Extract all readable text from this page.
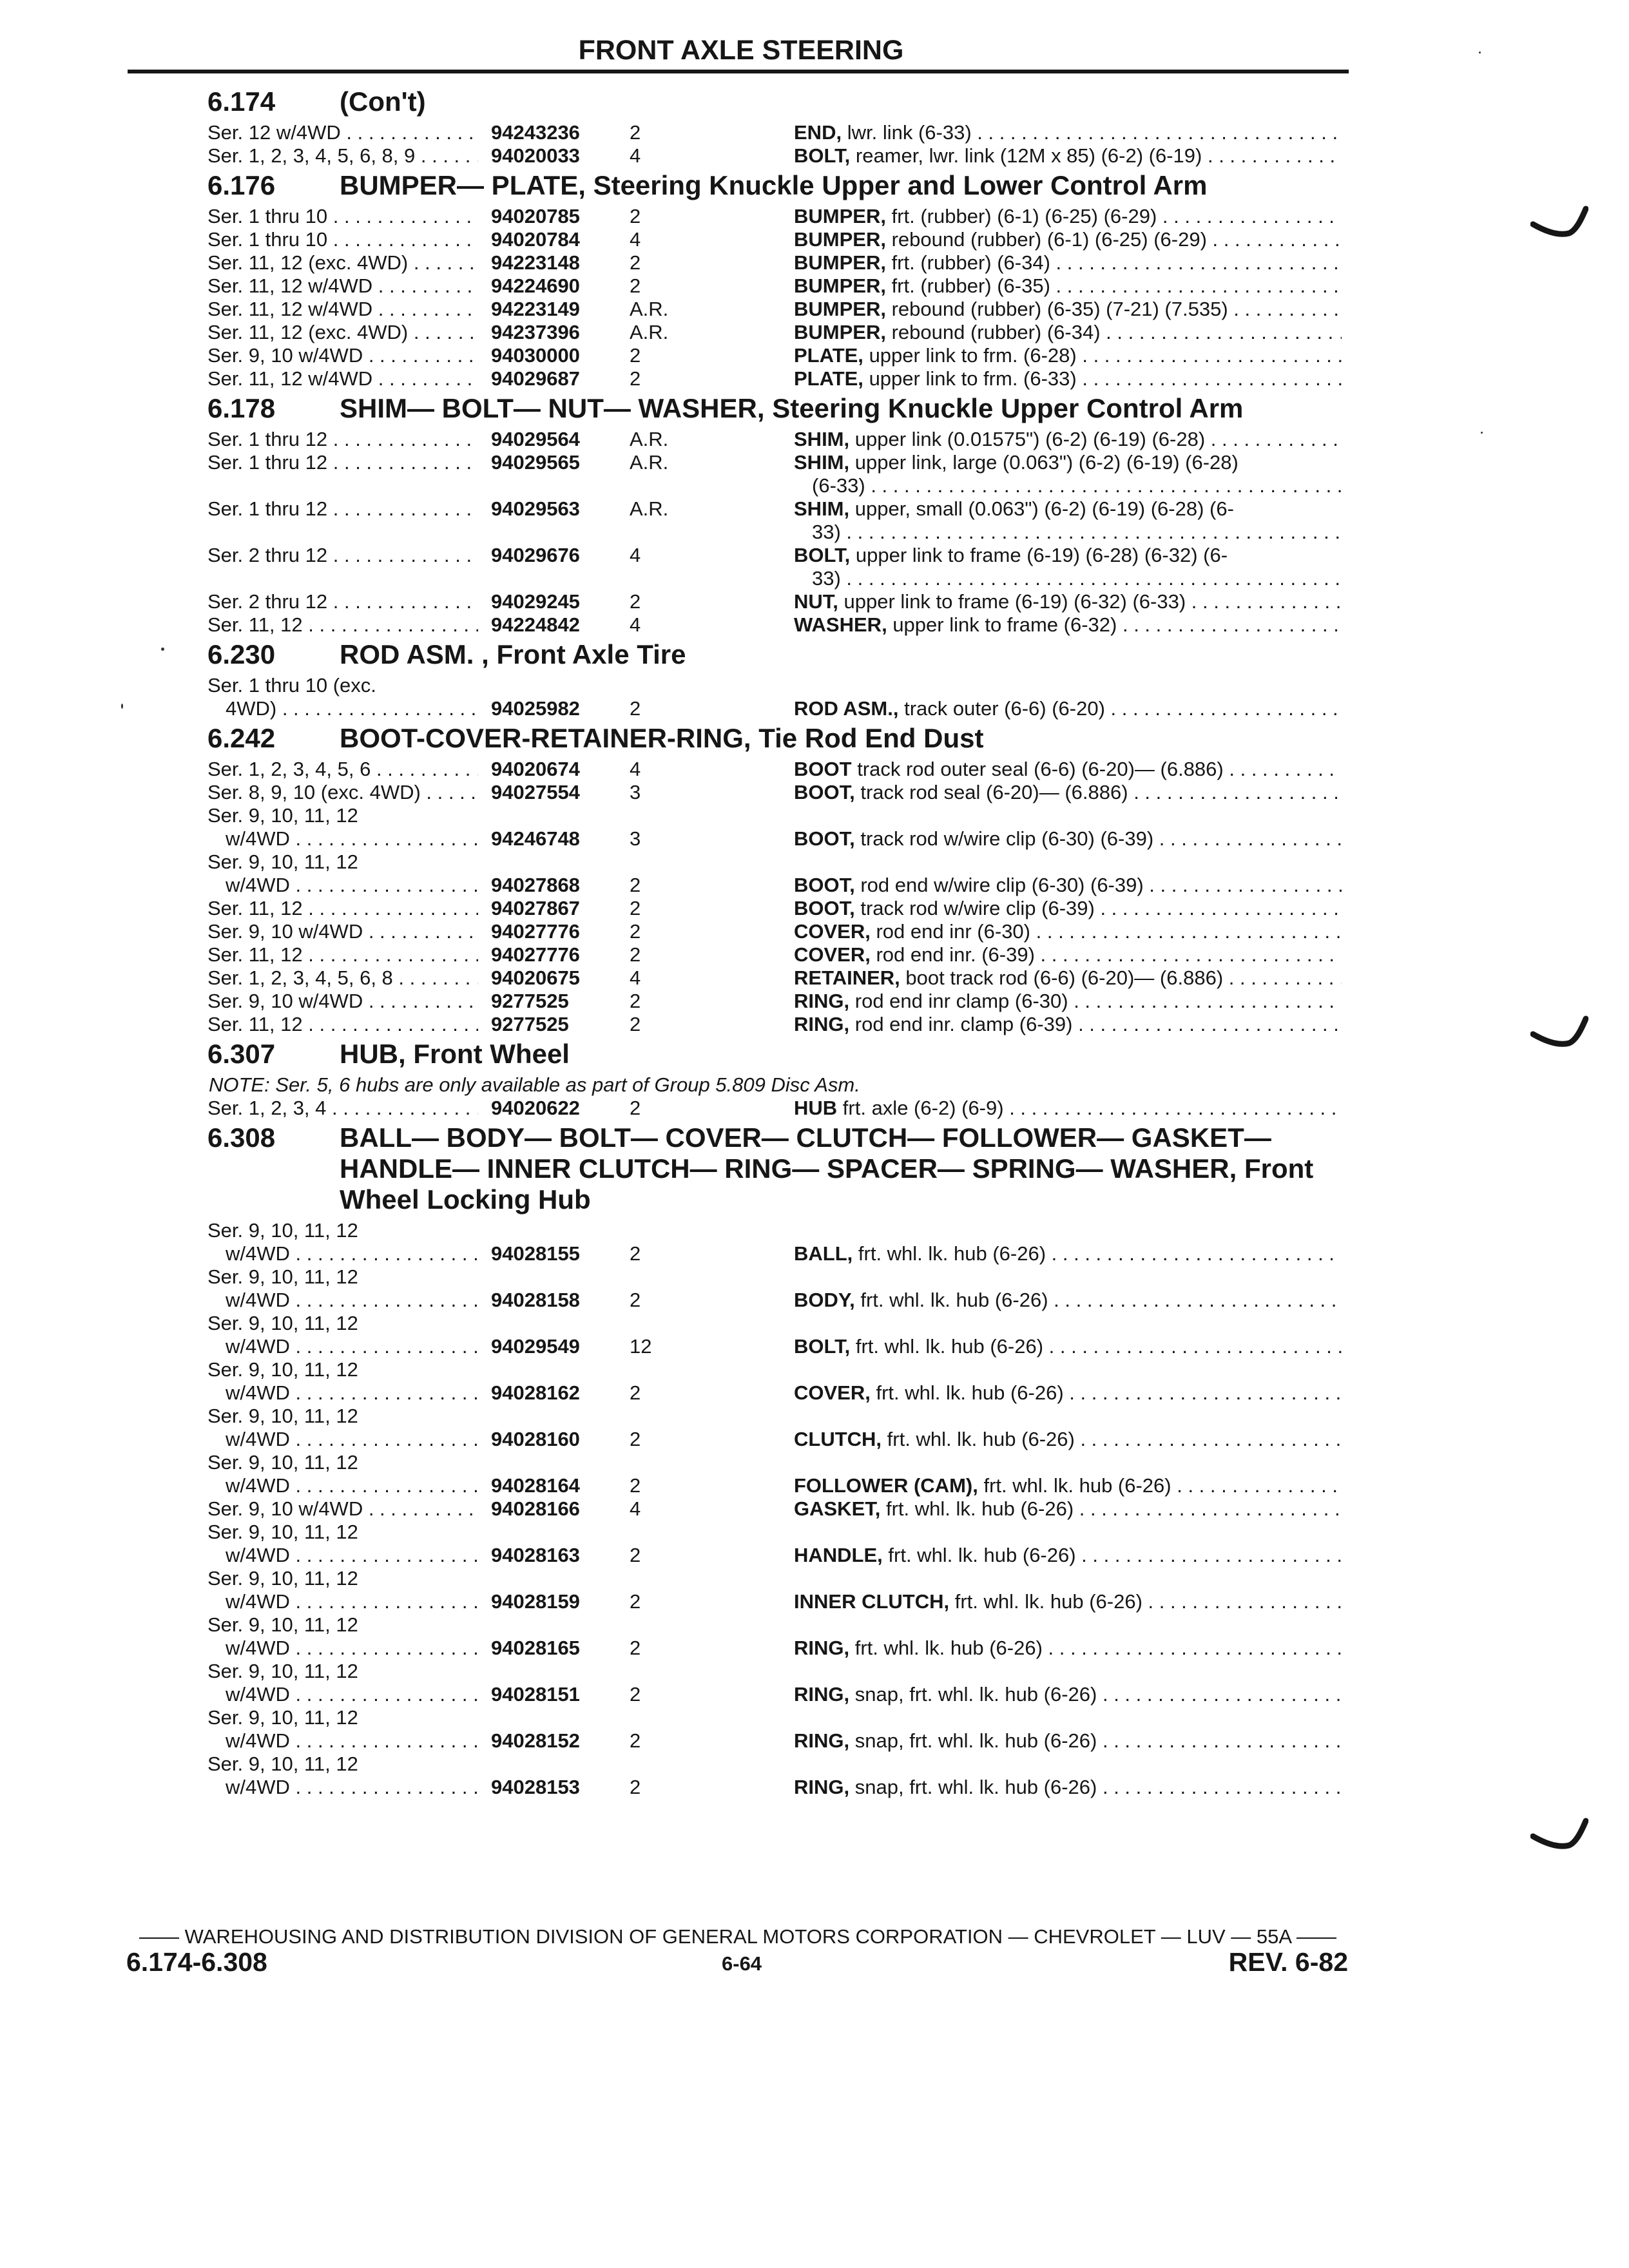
FRONT AXLE STEERING
6.174	(Con't)
Ser. 12 w/4WD . . .	94243236	2	END, lwr. link (6-33) . . .
Ser. 1, 2, 3, 4, 5, 6, 8, 9 . . .	94020033	4	BOLT, reamer, lwr. link (12M x 85) (6-2) (6-19) . . .
6.176	BUMPER— PLATE, Steering Knuckle Upper and Lower Control Arm
Ser. 1 thru 10 . . .	94020785	2	BUMPER, frt. (rubber) (6-1) (6-25) (6-29) . . .
Ser. 1 thru 10 . . .	94020784	4	BUMPER, rebound (rubber) (6-1) (6-25) (6-29) . . .
Ser. 11, 12 (exc. 4WD) . . .	94223148	2	BUMPER, frt. (rubber) (6-34) . . .
Ser. 11, 12 w/4WD . . .	94224690	2	BUMPER, frt. (rubber) (6-35) . . .
Ser. 11, 12 w/4WD . . .	94223149	A.R.	BUMPER, rebound (rubber) (6-35) (7-21) (7.535) . . .
Ser. 11, 12 (exc. 4WD) . . .	94237396	A.R.	BUMPER, rebound (rubber) (6-34) . . .
Ser. 9, 10 w/4WD . . .	94030000	2	PLATE, upper link to frm. (6-28) . . .
Ser. 11, 12 w/4WD . . .	94029687	2	PLATE, upper link to frm. (6-33) . . .
6.178	SHIM— BOLT— NUT— WASHER, Steering Knuckle Upper Control Arm
Ser. 1 thru 12 . . .	94029564	A.R.	SHIM, upper link (0.01575") (6-2) (6-19) (6-28) . . .
Ser. 1 thru 12 . . .	94029565	A.R.	SHIM, upper link, large (0.063") (6-2) (6-19) (6-28)
(6-33) . . .
Ser. 1 thru 12 . . .	94029563	A.R.	SHIM, upper, small (0.063") (6-2) (6-19) (6-28) (6-
33) . . .
Ser. 2 thru 12 . . .	94029676	4	BOLT, upper link to frame (6-19) (6-28) (6-32) (6-
33) . . .
Ser. 2 thru 12 . . .	94029245	2	NUT, upper link to frame (6-19) (6-32) (6-33) . . .
Ser. 11, 12 . . .	94224842	4	WASHER, upper link to frame (6-32) . . .
6.230	ROD ASM. , Front Axle Tire
Ser. 1 thru 10 (exc.
4WD) . . .	94025982	2	ROD ASM., track outer (6-6) (6-20) . . .
6.242	BOOT-COVER-RETAINER-RING, Tie Rod End Dust
Ser. 1, 2, 3, 4, 5, 6 . . .	94020674	4	BOOT track rod outer seal (6-6) (6-20)— (6.886) . . .
Ser. 8, 9, 10 (exc. 4WD) . . .	94027554	3	BOOT, track rod seal (6-20)— (6.886) . . .
Ser. 9, 10, 11, 12
w/4WD . . .	94246748	3	BOOT, track rod w/wire clip (6-30) (6-39) . . .
Ser. 9, 10, 11, 12
w/4WD . . .	94027868	2	BOOT, rod end w/wire clip (6-30) (6-39) . . .
Ser. 11, 12 . . .	94027867	2	BOOT, track rod w/wire clip (6-39) . . .
Ser. 9, 10 w/4WD . . .	94027776	2	COVER, rod end inr (6-30) . . .
Ser. 11, 12 . . .	94027776	2	COVER, rod end inr. (6-39) . . .
Ser. 1, 2, 3, 4, 5, 6, 8 . . .	94020675	4	RETAINER, boot track rod (6-6) (6-20)— (6.886) . . .
Ser. 9, 10 w/4WD . . .	9277525	2	RING, rod end inr clamp (6-30) . . .
Ser. 11, 12 . . .	9277525	2	RING, rod end inr. clamp (6-39) . . .
6.307	HUB, Front Wheel
NOTE: Ser. 5, 6 hubs are only available as part of Group 5.809 Disc Asm.
Ser. 1, 2, 3, 4 . . .	94020622	2	HUB frt. axle (6-2) (6-9) . . .
6.308	BALL— BODY— BOLT— COVER— CLUTCH— FOLLOWER— GASKET— HANDLE— INNER CLUTCH— RING— SPACER— SPRING— WASHER, Front Wheel Locking Hub
Ser. 9, 10, 11, 12
w/4WD . . .	94028155	2	BALL, frt. whl. lk. hub (6-26) . . .
Ser. 9, 10, 11, 12
w/4WD . . .	94028158	2	BODY, frt. whl. lk. hub (6-26) . . .
Ser. 9, 10, 11, 12
w/4WD . . .	94029549	12	BOLT, frt. whl. lk. hub (6-26) . . .
Ser. 9, 10, 11, 12
w/4WD . . .	94028162	2	COVER, frt. whl. lk. hub (6-26) . . .
Ser. 9, 10, 11, 12
w/4WD . . .	94028160	2	CLUTCH, frt. whl. lk. hub (6-26) . . .
Ser. 9, 10, 11, 12
w/4WD . . .	94028164	2	FOLLOWER (CAM), frt. whl. lk. hub (6-26) . . .
Ser. 9, 10 w/4WD . . .	94028166	4	GASKET, frt. whl. lk. hub (6-26) . . .
Ser. 9, 10, 11, 12
w/4WD . . .	94028163	2	HANDLE, frt. whl. lk. hub (6-26) . . .
Ser. 9, 10, 11, 12
w/4WD . . .	94028159	2	INNER CLUTCH, frt. whl. lk. hub (6-26) . . .
Ser. 9, 10, 11, 12
w/4WD . . .	94028165	2	RING, frt. whl. lk. hub (6-26) . . .
Ser. 9, 10, 11, 12
w/4WD . . .	94028151	2	RING, snap, frt. whl. lk. hub (6-26) . . .
Ser. 9, 10, 11, 12
w/4WD . . .	94028152	2	RING, snap, frt. whl. lk. hub (6-26) . . .
Ser. 9, 10, 11, 12
w/4WD . . .	94028153	2	RING, snap, frt. whl. lk. hub (6-26) . . .
—— WAREHOUSING AND DISTRIBUTION DIVISION OF GENERAL MOTORS CORPORATION — CHEVROLET — LUV — 55A ——
6.174-6.308	6-64	REV. 6-82
